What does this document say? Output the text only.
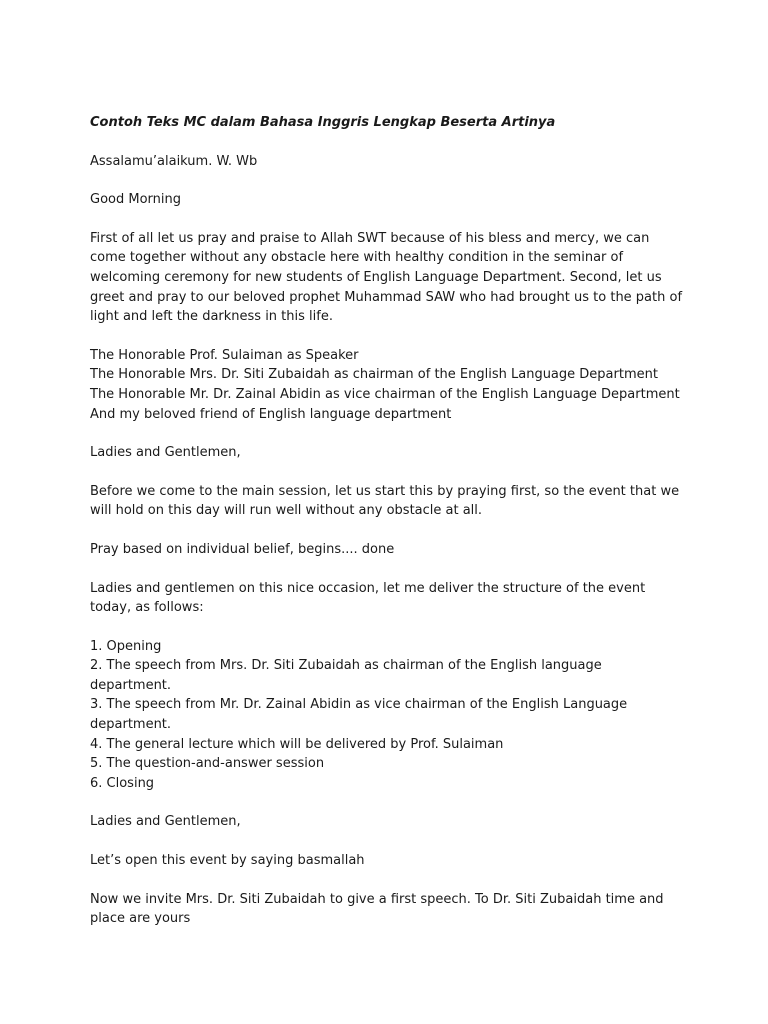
Contoh Teks MC dalam Bahasa Inggris Lengkap Beserta Artinya
Assalamu’alaikum. W. Wb
Good Morning
First of all let us pray and praise to Allah SWT because of his bless and mercy, we can
come together without any obstacle here with healthy condition in the seminar of
welcoming ceremony for new students of English Language Department. Second, let us
greet and pray to our beloved prophet Muhammad SAW who had brought us to the path of
light and left the darkness in this life.
The Honorable Prof. Sulaiman as Speaker
The Honorable Mrs. Dr. Siti Zubaidah as chairman of the English Language Department
The Honorable Mr. Dr. Zainal Abidin as vice chairman of the English Language Department
And my beloved friend of English language department
Ladies and Gentlemen,
Before we come to the main session, let us start this by praying first, so the event that we
will hold on this day will run well without any obstacle at all.
Pray based on individual belief, begins.... done
Ladies and gentlemen on this nice occasion, let me deliver the structure of the event
today, as follows:
1. Opening
2. The speech from Mrs. Dr. Siti Zubaidah as chairman of the English language
department.
3. The speech from Mr. Dr. Zainal Abidin as vice chairman of the English Language
department.
4. The general lecture which will be delivered by Prof. Sulaiman
5. The question-and-answer session
6. Closing
Ladies and Gentlemen,
Let’s open this event by saying basmallah
Now we invite Mrs. Dr. Siti Zubaidah to give a first speech. To Dr. Siti Zubaidah time and
place are yours
